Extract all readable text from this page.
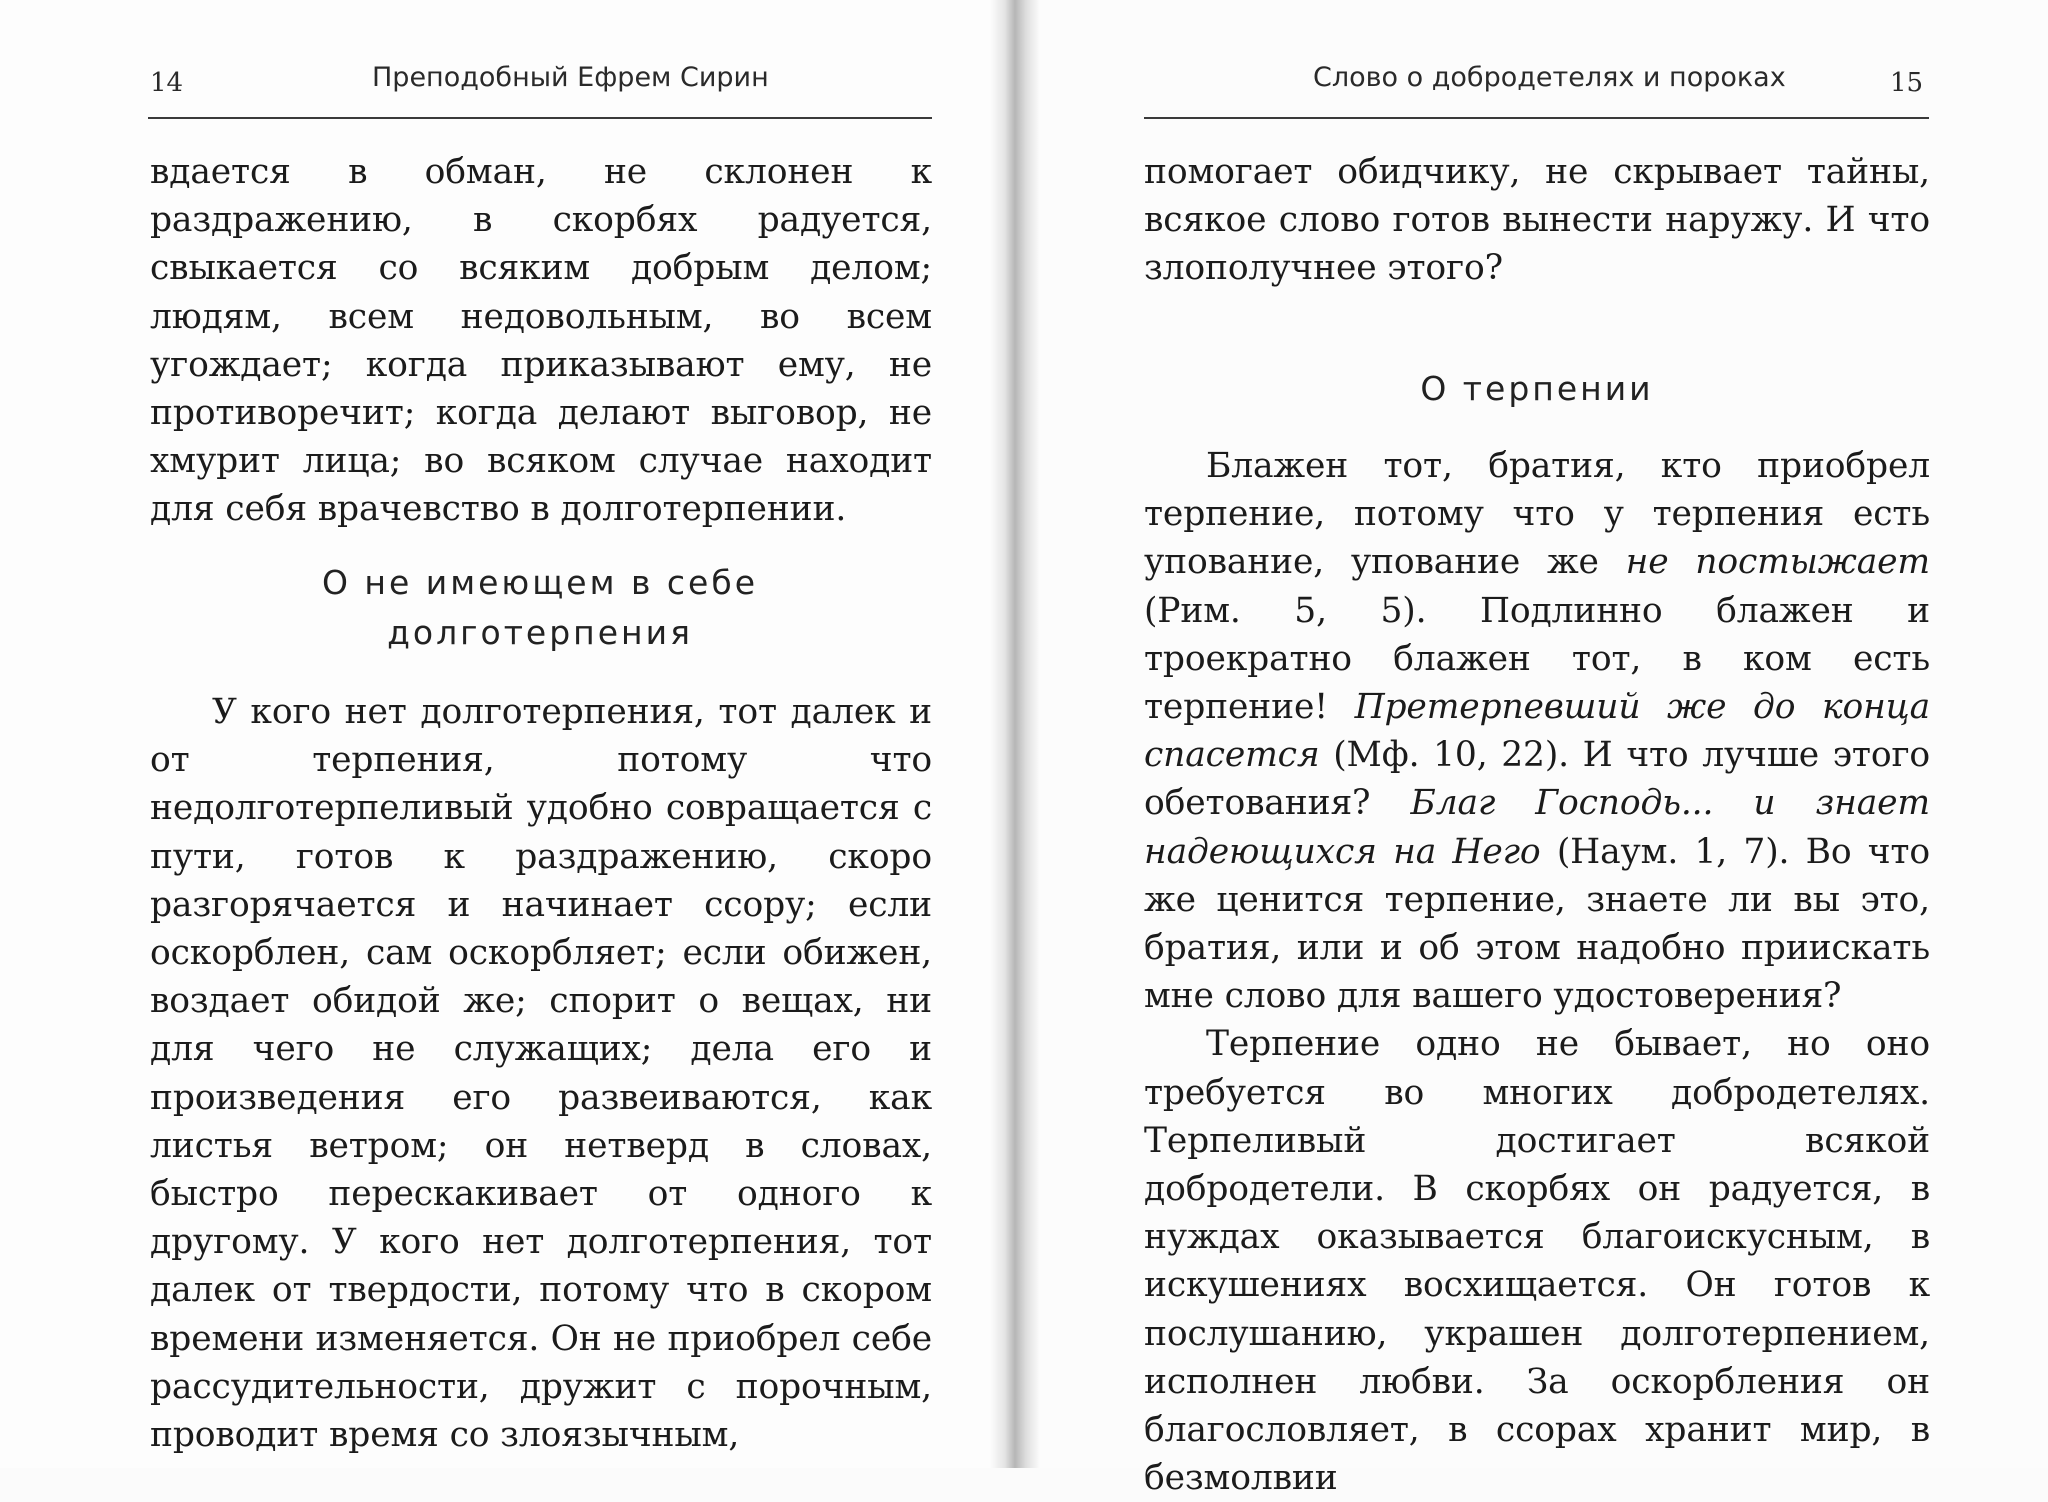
14	Преподобный Ефрем Сирин

вдается в обман, не склонен к раздражению, в скорбях радуется, свыкается со всяким добрым делом; людям, всем недовольным, во всем угождает; когда приказывают ему, не противоречит; когда делают выговор, не хмурит лица; во всяком случае находит для себя врачевство в долготерпении.

О не имеющем в себе
долготерпения

У кого нет долготерпения, тот далек и от терпения, потому что недолготерпеливый удобно совращается с пути, готов к раздражению, скоро разгорячается и начинает ссору; если оскорблен, сам оскорбляет; если обижен, воздает обидой же; спорит о вещах, ни для чего не служащих; дела его и произведения его развеиваются, как листья ветром; он нетверд в словах, быстро перескакивает от одного к другому. У кого нет долготерпения, тот далек от твердости, потому что в скором времени изменяется. Он не приобрел себе рассудительности, дружит с порочным, проводит время со злоязычным,

Слово о добродетелях и пороках	15

помогает обидчику, не скрывает тайны, всякое слово готов вынести наружу. И что злополучнее этого?

О терпении

Блажен тот, братия, кто приобрел терпение, потому что у терпения есть упование, упование же не постыжает (Рим. 5, 5). Подлинно блажен и троекратно блажен тот, в ком есть терпение! Претерпевший же до конца спасется (Мф. 10, 22). И что лучше этого обетования? Благ Господь... и знает надеющихся на Него (Наум. 1, 7). Во что же ценится терпение, знаете ли вы это, братия, или и об этом надобно приискать мне слово для вашего удостоверения?

Терпение одно не бывает, но оно требуется во многих добродетелях. Терпеливый достигает всякой добродетели. В скорбях он радуется, в нуждах оказывается благоискусным, в искушениях восхищается. Он готов к послушанию, украшен долготерпением, исполнен любви. За оскорбления он благословляет, в ссорах хранит мир, в безмолвии
